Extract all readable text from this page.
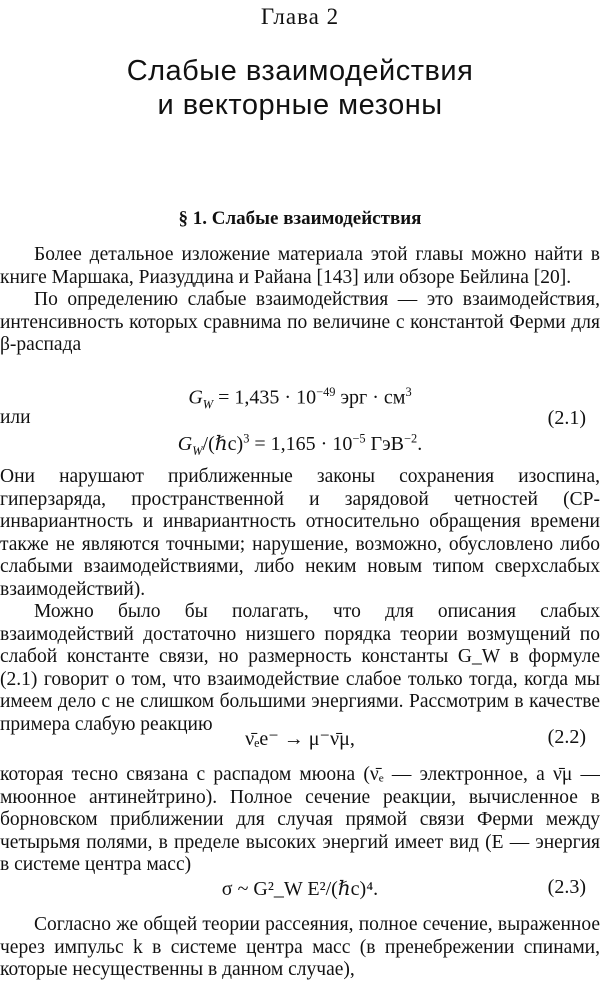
Глава 2
Слабые взаимодействия
и векторные мезоны
§ 1. Слабые взаимодействия

Более детальное изложение материала этой главы можно найти в книге Маршака, Риазуддина и Райана [143] или обзоре Бейлина [20].

По определению слабые взаимодействия — это взаимодействия, интенсивность которых сравнима по величине с константой Ферми для β-распада

$G_W = 1,435 \cdot 10^{-49}$ эрг · $см^3$
или	(2.1)
$G_W/(\hbar c)^3 = 1,165 \cdot 10^{-5}$ ГэВ$^{-2}$.

Они нарушают приближенные законы сохранения изоспина, гиперзаряда, пространственной и зарядовой четностей (CP-инвариантность и инвариантность относительно обращения времени также не являются точными; нарушение, возможно, обусловлено либо слабыми взаимодействиями, либо неким новым типом сверхслабых взаимодействий).

Можно было бы полагать, что для описания слабых взаимодействий достаточно низшего порядка теории возмущений по слабой константе связи, но размерность константы G_W в формуле (2.1) говорит о том, что взаимодействие слабое только тогда, когда мы имеем дело с не слишком большими энергиями. Рассмотрим в качестве примера слабую реакцию

ν̄ₑe⁻ → μ⁻ν̄μ,	(2.2)

которая тесно связана с распадом мюона (ν̄ₑ — электронное, а ν̄μ — мюонное антинейтрино). Полное сечение реакции, вычисленное в борновском приближении для случая прямой связи Ферми между четырьмя полями, в пределе высоких энергий имеет вид (E — энергия в системе центра масс)

σ ~ G²_W E²/(ℏc)⁴.	(2.3)

Согласно же общей теории рассеяния, полное сечение, выраженное через импульс k в системе центра масс (в пренебрежении спинами, которые несущественны в данном случае),
